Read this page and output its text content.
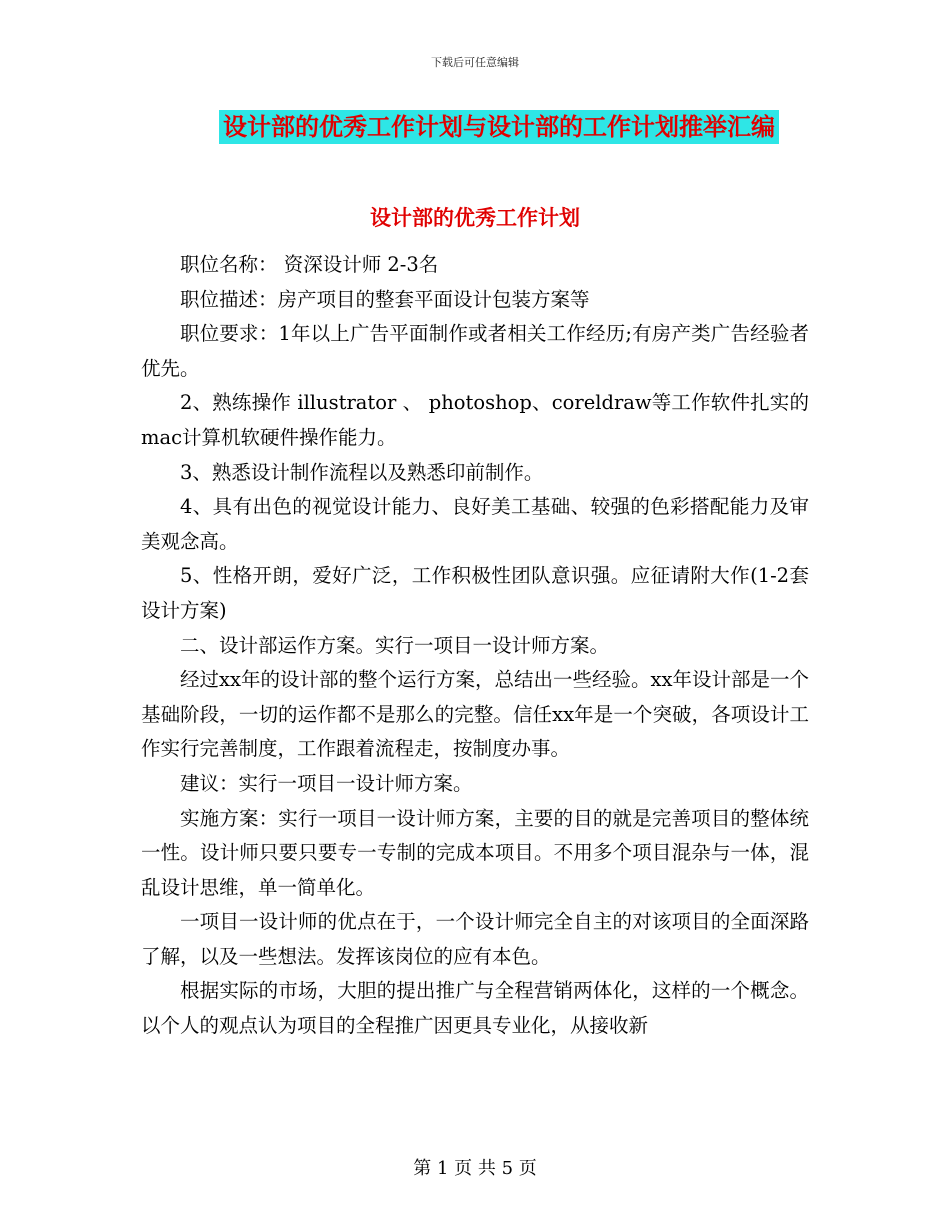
下载后可任意编辑
设计部的优秀工作计划与设计部的工作计划推举汇编
设计部的优秀工作计划

职位名称： 资深设计师 2-3名

职位描述：房产项目的整套平面设计包装方案等

职位要求：1年以上广告平面制作或者相关工作经历;有房产类广告经验者优先。

2、熟练操作 illustrator 、 photoshop、coreldraw等工作软件扎实的mac计算机软硬件操作能力。

3、熟悉设计制作流程以及熟悉印前制作。

4、具有出色的视觉设计能力、良好美工基础、较强的色彩搭配能力及审美观念高。

5、性格开朗，爱好广泛，工作积极性团队意识强。应征请附大作(1-2套设计方案)

二、设计部运作方案。实行一项目一设计师方案。

经过xx年的设计部的整个运行方案，总结出一些经验。xx年设计部是一个基础阶段，一切的运作都不是那么的完整。信任xx年是一个突破，各项设计工作实行完善制度，工作跟着流程走，按制度办事。

建议：实行一项目一设计师方案。

实施方案：实行一项目一设计师方案，主要的目的就是完善项目的整体统一性。设计师只要只要专一专制的完成本项目。不用多个项目混杂与一体，混乱设计思维，单一简单化。

一项目一设计师的优点在于，一个设计师完全自主的对该项目的全面深路了解，以及一些想法。发挥该岗位的应有本色。

根据实际的市场，大胆的提出推广与全程营销两体化，这样的一个概念。以个人的观点认为项目的全程推广因更具专业化，从接收新

第 1 页 共 5 页
